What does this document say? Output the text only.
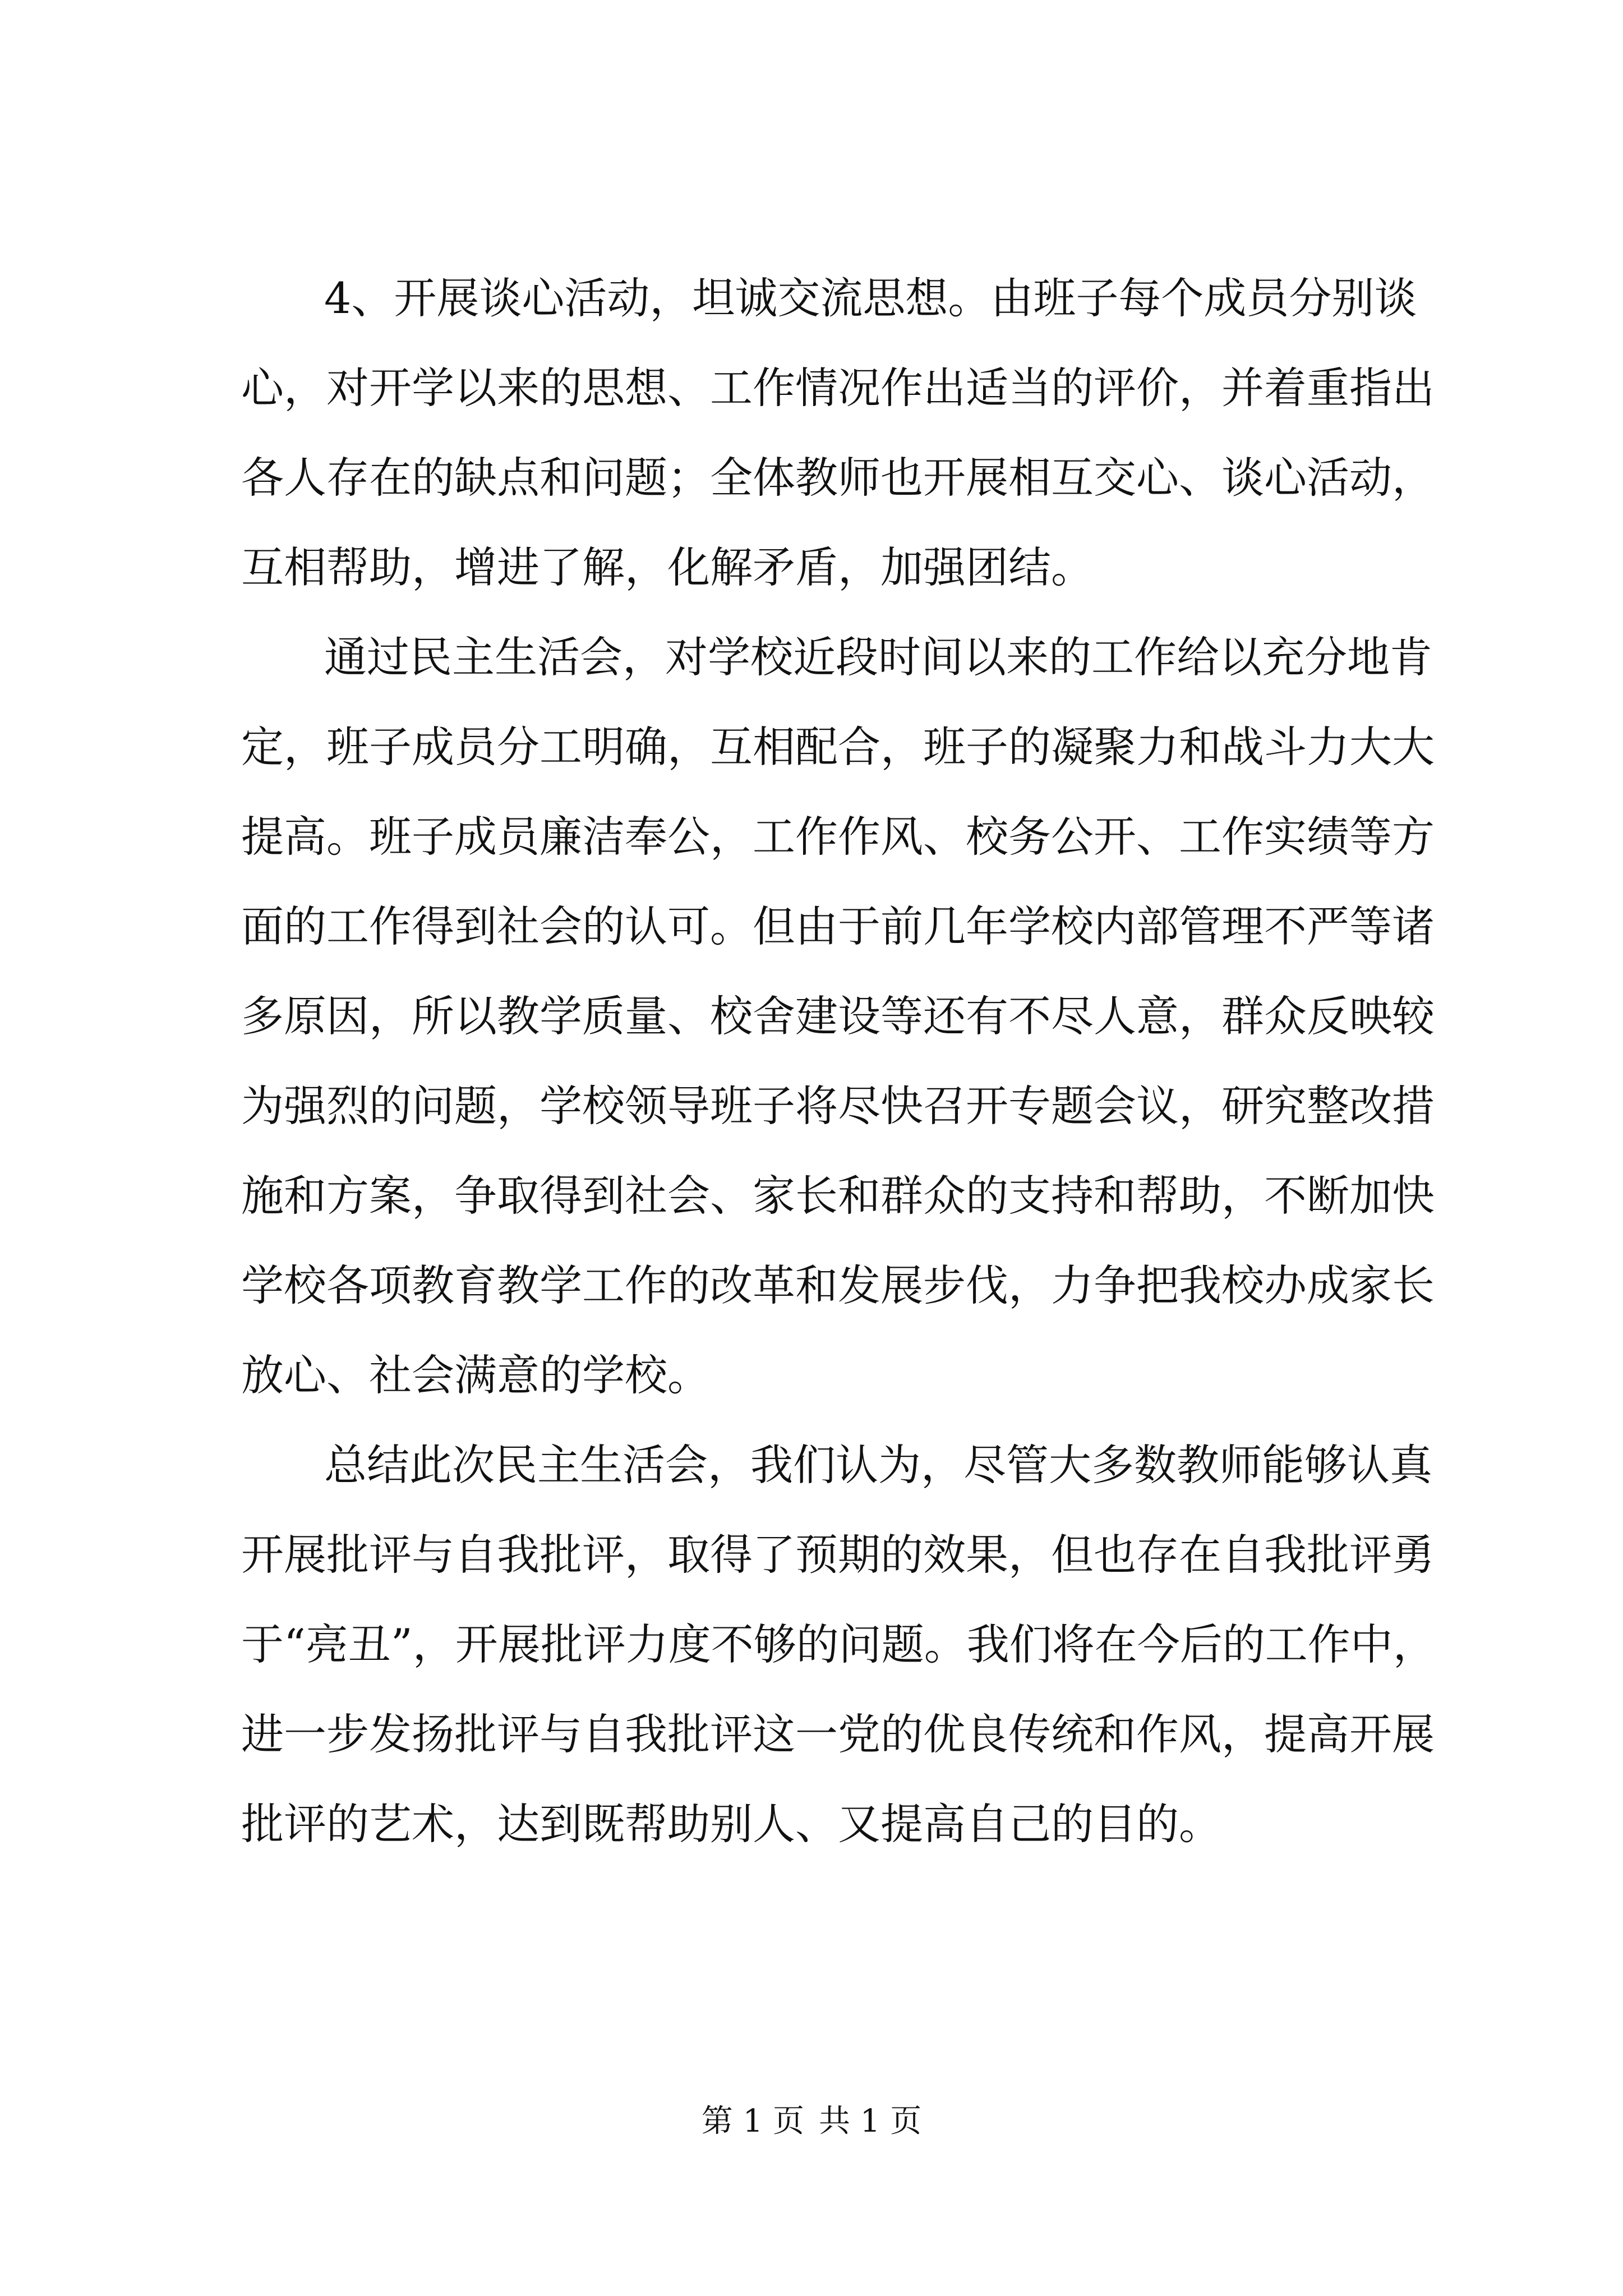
4、开展谈心活动，坦诚交流思想。由班子每个成员分别谈
心，对开学以来的思想、工作情况作出适当的评价，并着重指出
各人存在的缺点和问题；全体教师也开展相互交心、谈心活动，
互相帮助，增进了解，化解矛盾，加强团结。
通过民主生活会，对学校近段时间以来的工作给以充分地肯
定，班子成员分工明确，互相配合，班子的凝聚力和战斗力大大
提高。班子成员廉洁奉公，工作作风、校务公开、工作实绩等方
面的工作得到社会的认可。但由于前几年学校内部管理不严等诸
多原因，所以教学质量、校舍建设等还有不尽人意，群众反映较
为强烈的问题，学校领导班子将尽快召开专题会议，研究整改措
施和方案，争取得到社会、家长和群众的支持和帮助，不断加快
学校各项教育教学工作的改革和发展步伐，力争把我校办成家长
放心、社会满意的学校。
总结此次民主生活会，我们认为，尽管大多数教师能够认真
开展批评与自我批评，取得了预期的效果，但也存在自我批评勇
于“亮丑”，开展批评力度不够的问题。我们将在今后的工作中，
进一步发扬批评与自我批评这一党的优良传统和作风，提高开展
批评的艺术，达到既帮助别人、又提高自己的目的。
第 1 页 共 1 页
